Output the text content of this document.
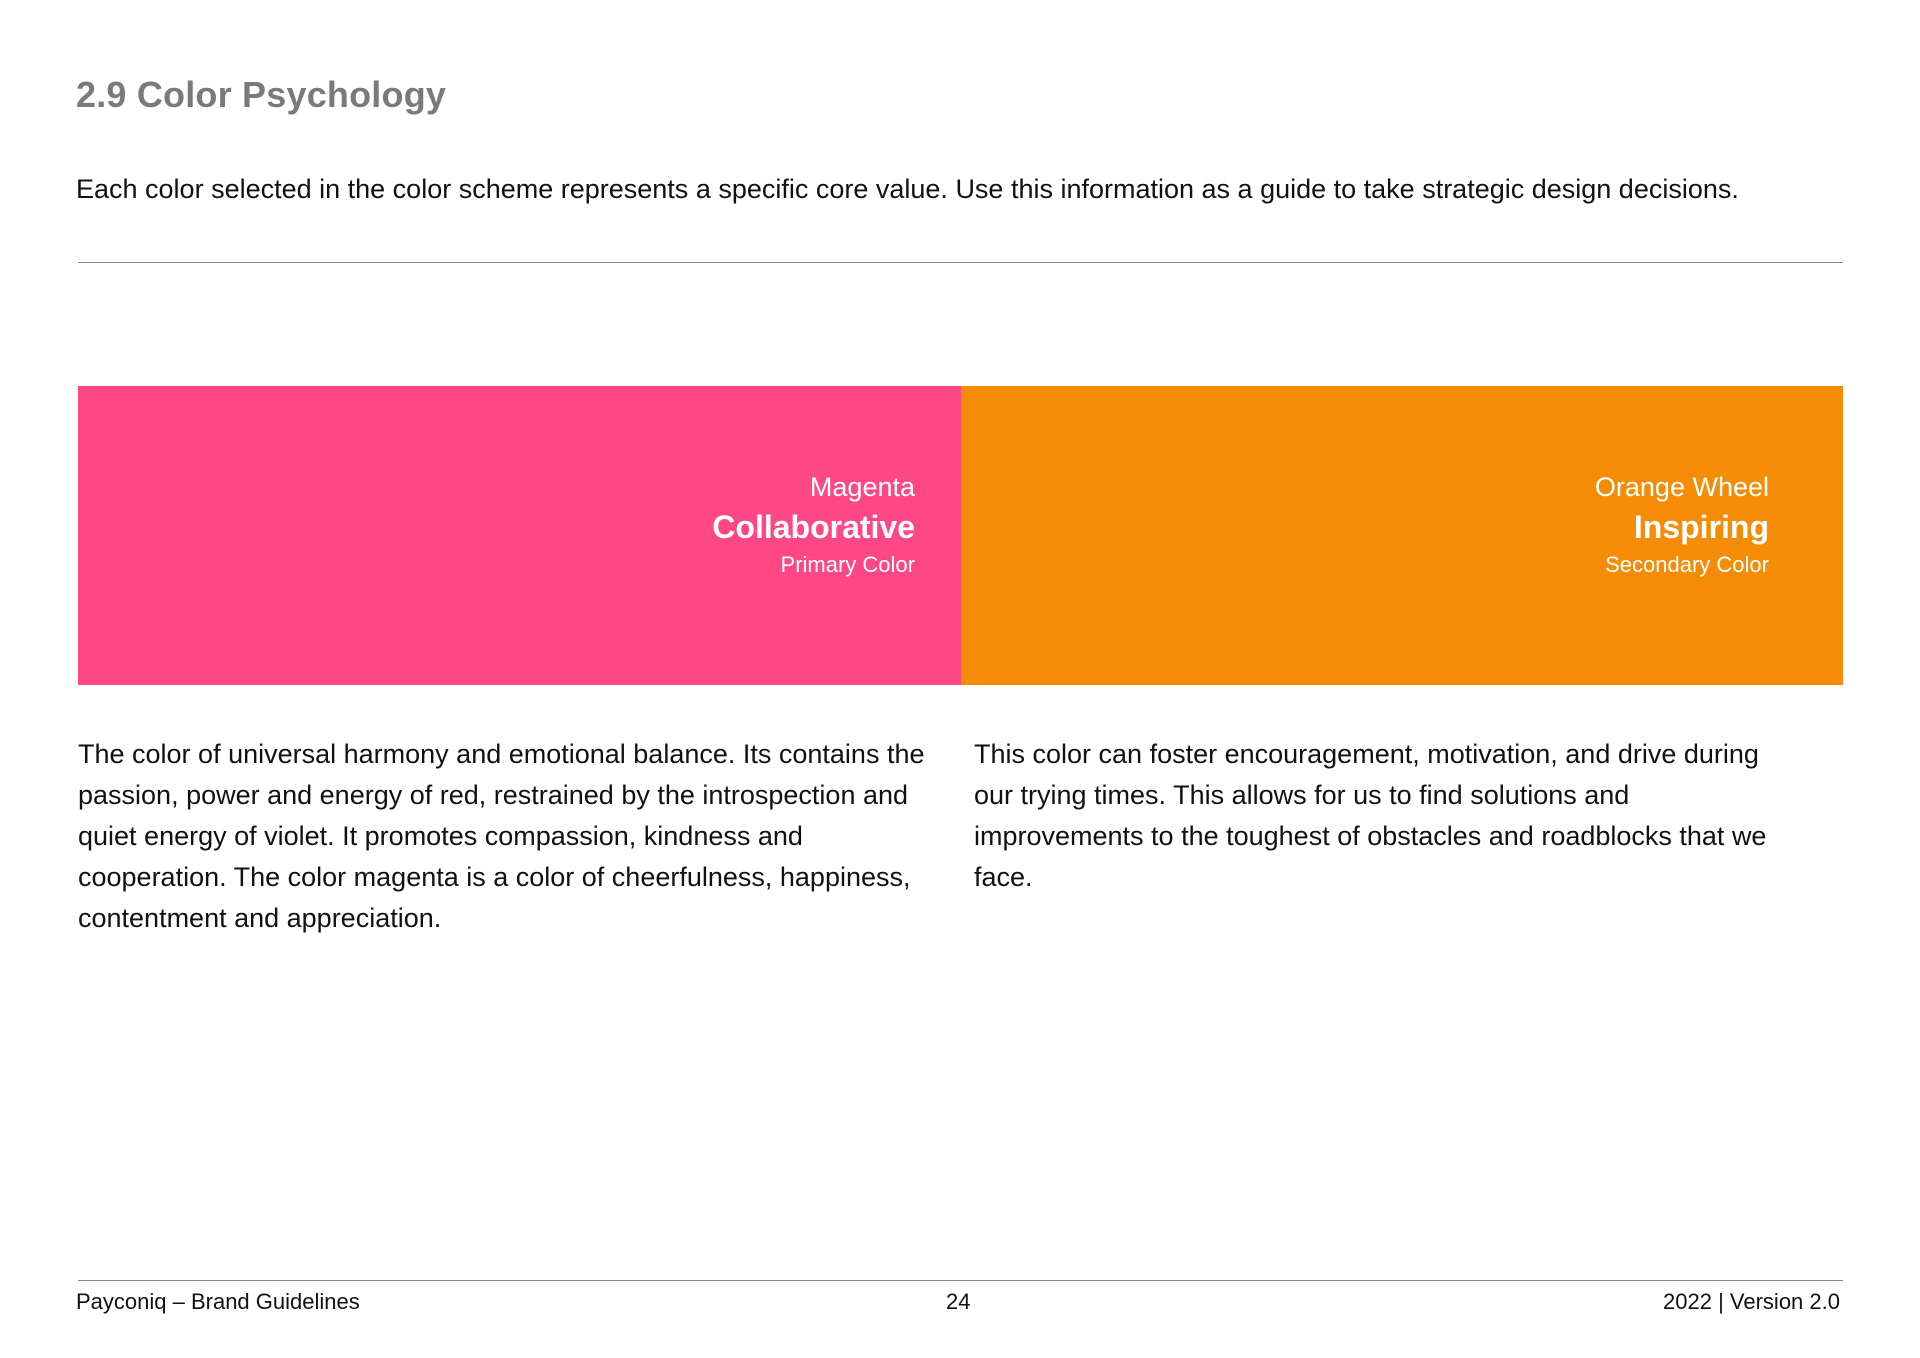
2.9 Color Psychology

Each color selected in the color scheme represents a specific core value. Use this information as a guide to take strategic design decisions.

Magenta
Collaborative
Primary Color
Orange Wheel
Inspiring
Secondary Color

The color of universal harmony and emotional balance. Its contains the passion, power and energy of red, restrained by the introspection and quiet energy of violet. It promotes compassion, kindness and cooperation. The color magenta is a color of cheerfulness, happiness, contentment and appreciation.

This color can foster encouragement, motivation, and drive during our trying times. This allows for us to find solutions and improvements to the toughest of obstacles and roadblocks that we face.

Payconiq – Brand Guidelines	24	2022 | Version 2.0
